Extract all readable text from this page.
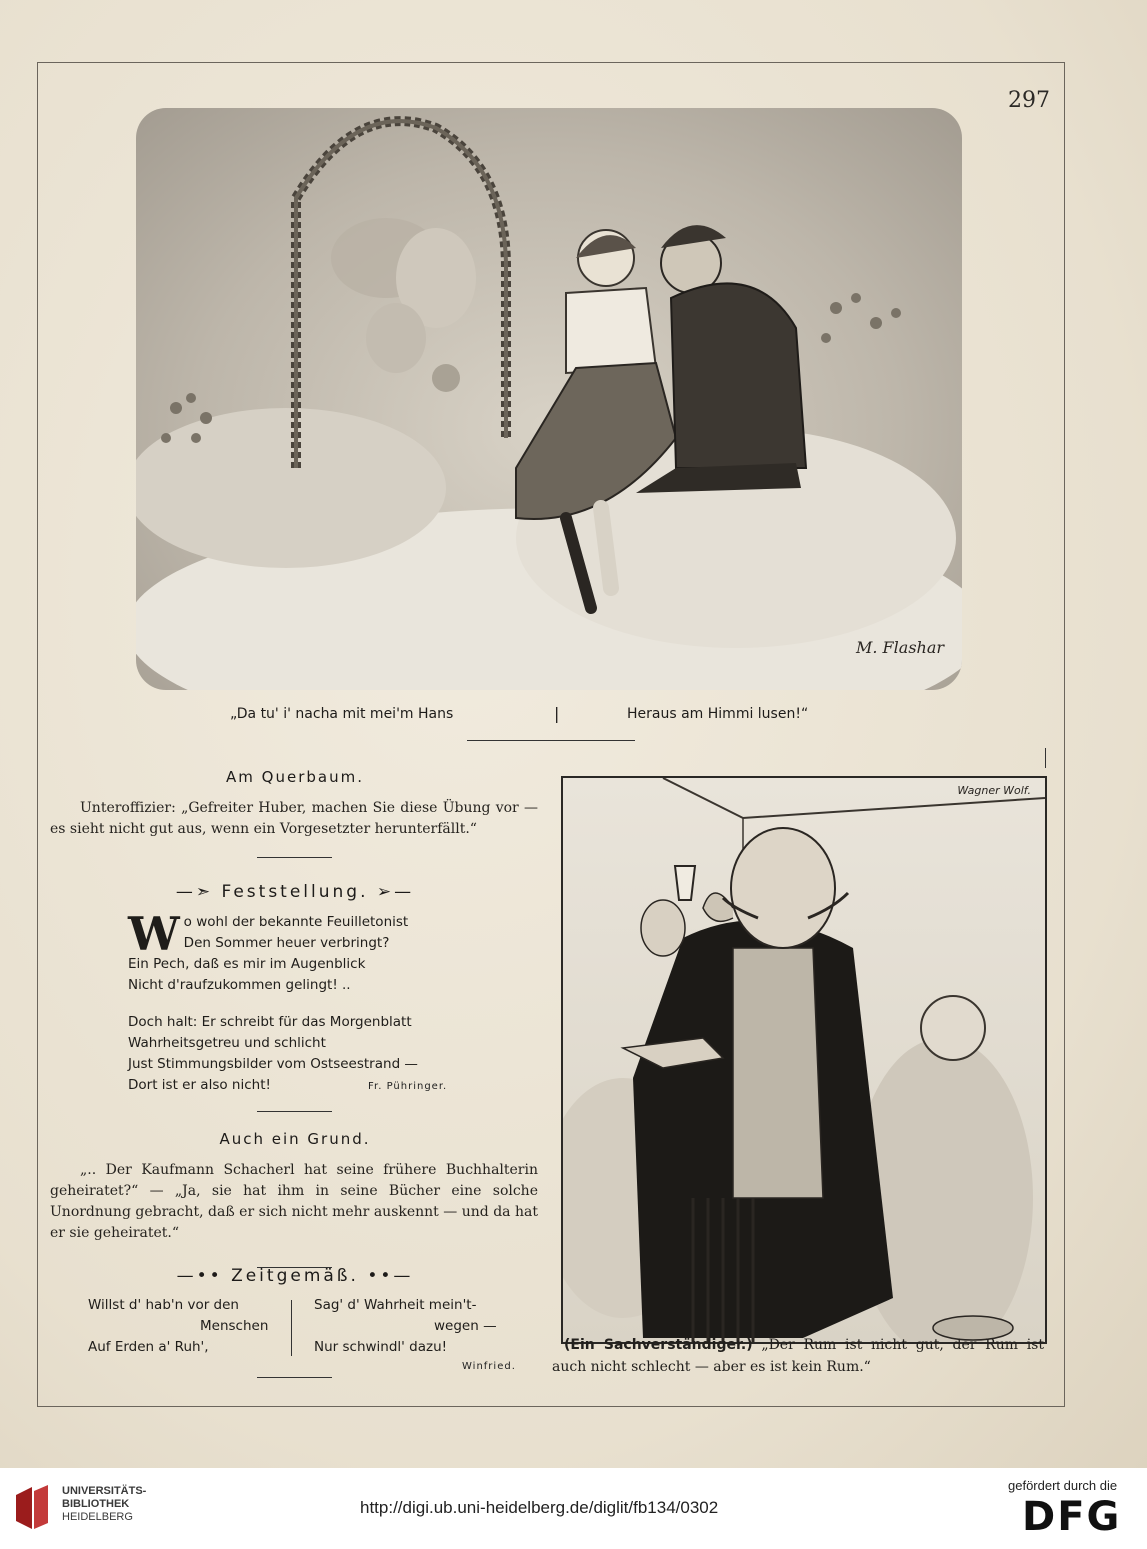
297
M. Flashar
„Da tu' i' nacha mit mei'm Hans	|	Heraus am Himmi lusen!“
Am Querbaum.
Unteroffizier: „Gefreiter Huber, machen Sie diese Übung vor — es sieht nicht gut aus, wenn ein Vorgesetzter herunterfällt.“
—➣ Feststellung. ➢—
W o wohl der bekannte Feuilletonist
Den Sommer heuer verbringt?
Ein Pech, daß es mir im Augenblick
Nicht d'raufzukommen gelingt! ..
Doch halt: Er schreibt für das Morgenblatt
Wahrheitsgetreu und schlicht
Just Stimmungsbilder vom Ostseestrand —
Dort ist er also nicht!	Fr. Pühringer.
Auch ein Grund.
„.. Der Kaufmann Schacherl hat seine frühere Buchhalterin geheiratet?“ — „Ja, sie hat ihm in seine Bücher eine solche Unordnung gebracht, daß er sich nicht mehr auskennt — und da hat er sie geheiratet.“
—•• Zeitgemäß. ••—
Willst d' hab'n vor den
Menschen
Auf Erden a' Ruh',
Sag' d' Wahrheit mein't-
wegen —
Nur schwindl' dazu!
Winfried.
Wagner Wolf.
(Ein Sachverständiger.) „Der Rum ist nicht gut, der Rum ist auch nicht schlecht — aber es ist kein Rum.“
UNIVERSITÄTS-
BIBLIOTHEK
HEIDELBERG	http://digi.ub.uni-heidelberg.de/diglit/fb134/0302
gefördert durch die
DFG
